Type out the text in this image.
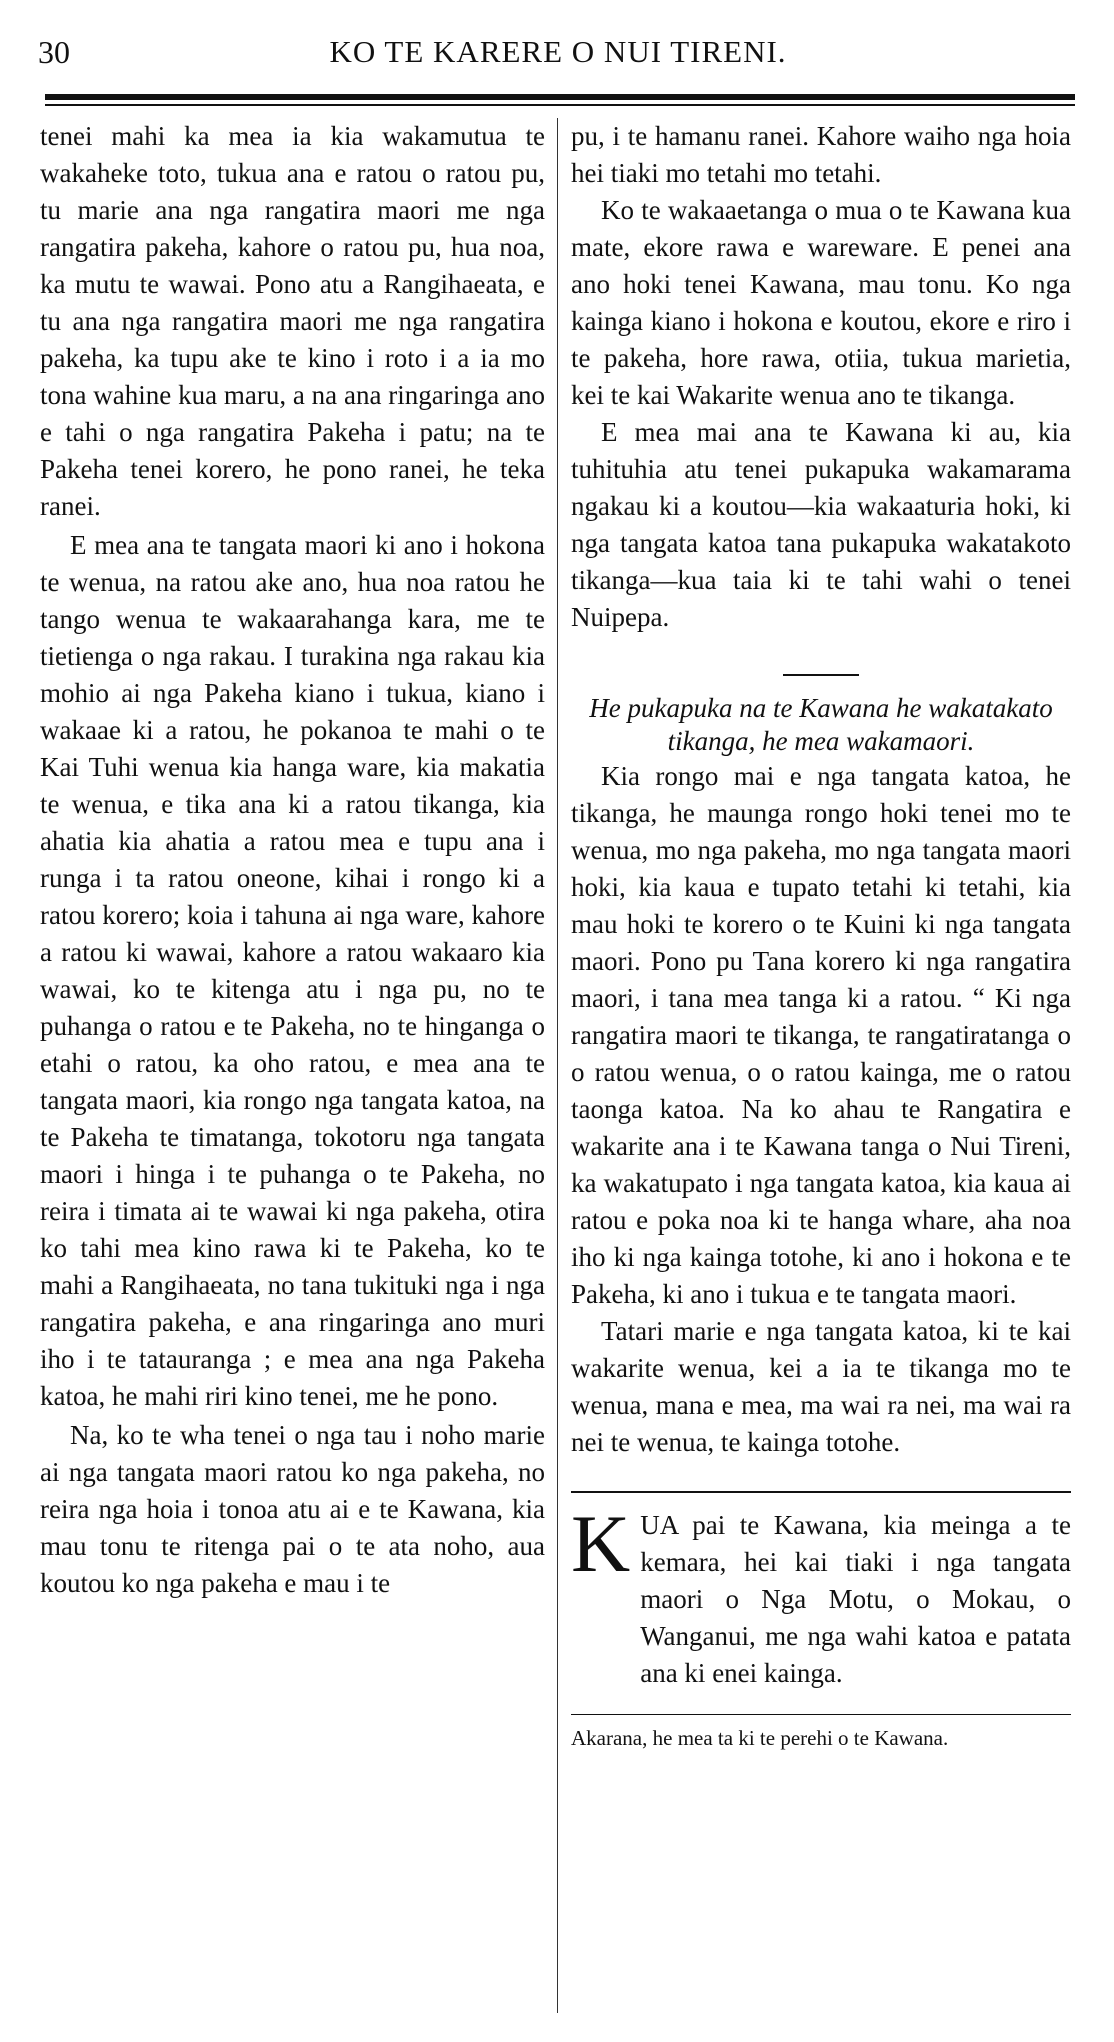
30	KO TE KARERE O NUI TIRENI.

tenei mahi ka mea ia kia wakamutua te wakaheke toto, tukua ana e ratou o ratou pu, tu marie ana nga rangatira maori me nga rangatira pakeha, kahore o ratou pu, hua noa, ka mutu te wawai. Pono atu a Rangihaeata, e tu ana nga rangatira maori me nga rangatira pakeha, ka tupu ake te kino i roto i a ia mo tona wahine kua maru, a na ana ringaringa ano e tahi o nga rangatira Pakeha i patu; na te Pakeha tenei korero, he pono ranei, he teka ranei.

E mea ana te tangata maori ki ano i hokona te wenua, na ratou ake ano, hua noa ratou he tango wenua te wakaarahanga kara, me te tietienga o nga rakau. I turakina nga rakau kia mohio ai nga Pakeha kiano i tukua, kiano i wakaae ki a ratou, he pokanoa te mahi o te Kai Tuhi wenua kia hanga ware, kia makatia te wenua, e tika ana ki a ratou tikanga, kia ahatia kia ahatia a ratou mea e tupu ana i runga i ta ratou oneone, kihai i rongo ki a ratou korero; koia i tahuna ai nga ware, kahore a ratou ki wawai, kahore a ratou wakaaro kia wawai, ko te kitenga atu i nga pu, no te puhanga o ratou e te Pakeha, no te hinganga o etahi o ratou, ka oho ratou, e mea ana te tangata maori, kia rongo nga tangata katoa, na te Pakeha te timatanga, tokotoru nga tangata maori i hinga i te puhanga o te Pakeha, no reira i timata ai te wawai ki nga pakeha, otira ko tahi mea kino rawa ki te Pakeha, ko te mahi a Rangihaeata, no tana tukituki nga i nga rangatira pakeha, e ana ringaringa ano muri iho i te tatauranga ; e mea ana nga Pakeha katoa, he mahi riri kino tenei, me he pono.

Na, ko te wha tenei o nga tau i noho marie ai nga tangata maori ratou ko nga pakeha, no reira nga hoia i tonoa atu ai e te Kawana, kia mau tonu te ritenga pai o te ata noho, aua koutou ko nga pakeha e mau i te

pu, i te hamanu ranei. Kahore waiho nga hoia hei tiaki mo tetahi mo tetahi.

Ko te wakaaetanga o mua o te Kawana kua mate, ekore rawa e wareware. E penei ana ano hoki tenei Kawana, mau tonu. Ko nga kainga kiano i hokona e koutou, ekore e riro i te pakeha, hore rawa, otiia, tukua marietia, kei te kai Wakarite wenua ano te tikanga.

E mea mai ana te Kawana ki au, kia tuhituhia atu tenei pukapuka wakamarama ngakau ki a koutou—kia wakaaturia hoki, ki nga tangata katoa tana pukapuka wakatakoto tikanga—kua taia ki te tahi wahi o tenei Nuipepa.

He pukapuka na te Kawana he wakatakato tikanga, he mea wakamaori.

Kia rongo mai e nga tangata katoa, he tikanga, he maunga rongo hoki tenei mo te wenua, mo nga pakeha, mo nga tangata maori hoki, kia kaua e tupato tetahi ki tetahi, kia mau hoki te korero o te Kuini ki nga tangata maori. Pono pu Tana korero ki nga rangatira maori, i tana mea tanga ki a ratou. “ Ki nga rangatira maori te tikanga, te rangatiratanga o o ratou wenua, o o ratou kainga, me o ratou taonga katoa. Na ko ahau te Rangatira e wakarite ana i te Kawana tanga o Nui Tireni, ka wakatupato i nga tangata katoa, kia kaua ai ratou e poka noa ki te hanga whare, aha noa iho ki nga kainga totohe, ki ano i hokona e te Pakeha, ki ano i tukua e te tangata maori.

Tatari marie e nga tangata katoa, ki te kai wakarite wenua, kei a ia te tikanga mo te wenua, mana e mea, ma wai ra nei, ma wai ra nei te wenua, te kainga totohe.

K UA pai te Kawana, kia meinga a te kemara, hei kai tiaki i nga tangata maori o Nga Motu, o Mokau, o Wanganui, me nga wahi katoa e patata ana ki enei kainga.

Akarana, he mea ta ki te perehi o te Kawana.
